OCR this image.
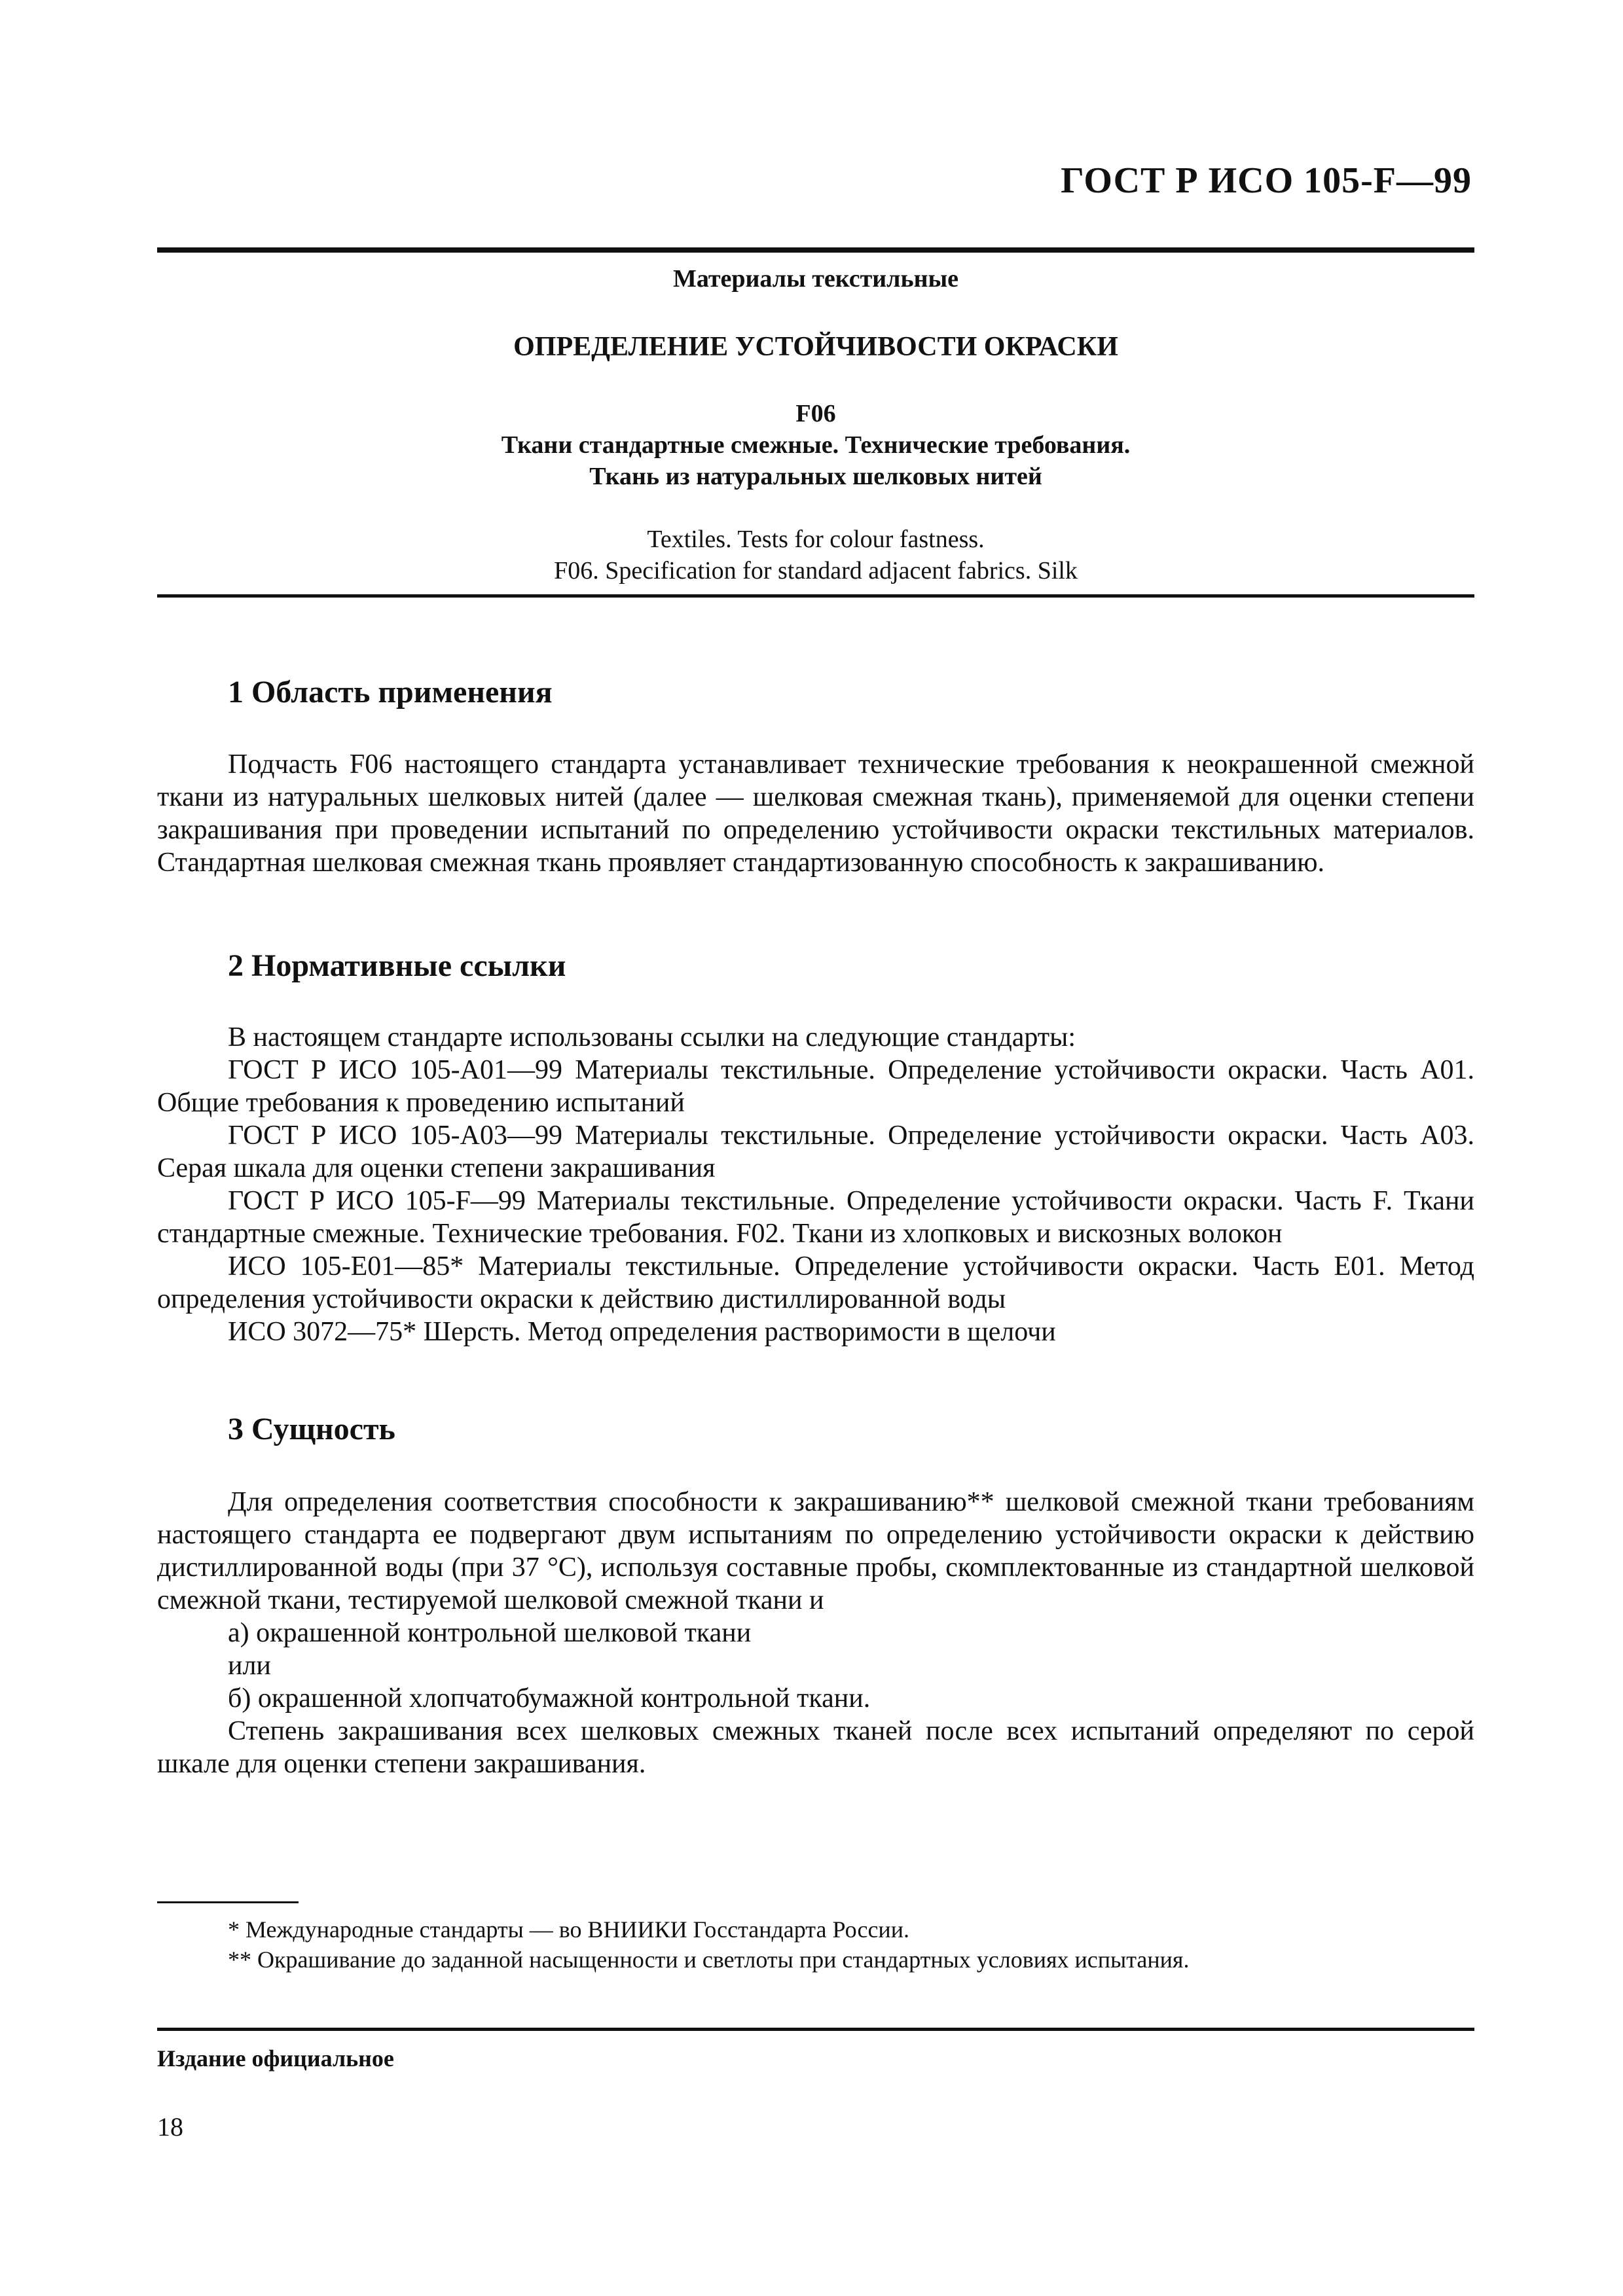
ГОСТ Р ИСО 105-F—99
Материалы текстильные
ОПРЕДЕЛЕНИЕ УСТОЙЧИВОСТИ ОКРАСКИ
F06
Ткани стандартные смежные. Технические требования.
Ткань из натуральных шелковых нитей
Textiles. Tests for colour fastness.
F06. Specification for standard adjacent fabrics. Silk
1 Область применения

Подчасть F06 настоящего стандарта устанавливает технические требования к неокрашенной смежной ткани из натуральных шелковых нитей (далее — шелковая смежная ткань), применяемой для оценки степени закрашивания при проведении испытаний по определению устойчивости окраски текстильных материалов. Стандартная шелковая смежная ткань проявляет стандартизованную способность к закрашиванию.

2 Нормативные ссылки

В настоящем стандарте использованы ссылки на следующие стандарты:

ГОСТ Р ИСО 105-A01—99 Материалы текстильные. Определение устойчивости окраски. Часть A01. Общие требования к проведению испытаний

ГОСТ Р ИСО 105-A03—99 Материалы текстильные. Определение устойчивости окраски. Часть A03. Серая шкала для оценки степени закрашивания

ГОСТ Р ИСО 105-F—99 Материалы текстильные. Определение устойчивости окраски. Часть F. Ткани стандартные смежные. Технические требования. F02. Ткани из хлопковых и вискозных волокон

ИСО 105-E01—85* Материалы текстильные. Определение устойчивости окраски. Часть E01. Метод определения устойчивости окраски к действию дистиллированной воды

ИСО 3072—75* Шерсть. Метод определения растворимости в щелочи

3 Сущность

Для определения соответствия способности к закрашиванию** шелковой смежной ткани требованиям настоящего стандарта ее подвергают двум испытаниям по определению устойчивости окраски к действию дистиллированной воды (при 37 °С), используя составные пробы, скомплектованные из стандартной шелковой смежной ткани, тестируемой шелковой смежной ткани и

а) окрашенной контрольной шелковой ткани

или

б) окрашенной хлопчатобумажной контрольной ткани.

Степень закрашивания всех шелковых смежных тканей после всех испытаний определяют по серой шкале для оценки степени закрашивания.

* Международные стандарты — во ВНИИКИ Госстандарта России.

** Окрашивание до заданной насыщенности и светлоты при стандартных условиях испытания.

Издание официальное
18
